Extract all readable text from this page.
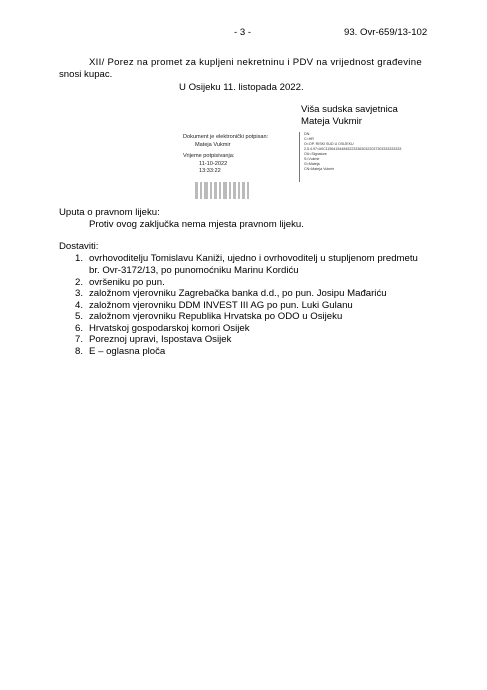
- 3 -	93. Ovr-659/13-102
XII/ Porez na promet za kupljeni nekretninu i PDV na vrijednost građevine
snosi kupac.
U Osijeku 11. listopada 2022.
Viša sudska savjetnica
Mateja Vukmir
Dokument je elektronički potpisan:
Mateja Vukmir
Vrijeme potpisivanja:
11-10-2022
13:33:22
DN:
C=HR
O=OP. RISKI SUD U OSIJEKU
2.5.4.97=#0C11564154484522333630322037303333333333
OU=Signature
S=Vukmir
G=Mateja
CN=Mateja Vukmir
Uputa o pravnom lijeku:
Protiv ovog zaključka nema mjesta pravnom lijeku.
Dostaviti:
1. ovrhovoditelju Tomislavu Kaniži, ujedno i ovrhovoditelj u stupljenom predmetu
br. Ovr-3172/13, po punomoćniku Marinu Kordiću
2. ovršeniku po pun.
3. založnom vjerovniku Zagrebačka banka d.d., po pun. Josipu Mađariću
4. založnom vjerovniku DDM INVEST III AG po pun. Luki Gulanu
5. založnom vjerovniku Republika Hrvatska po ODO u Osijeku
6. Hrvatskoj gospodarskoj komori Osijek
7. Poreznoj upravi, Ispostava Osijek
8. E – oglasna ploča
